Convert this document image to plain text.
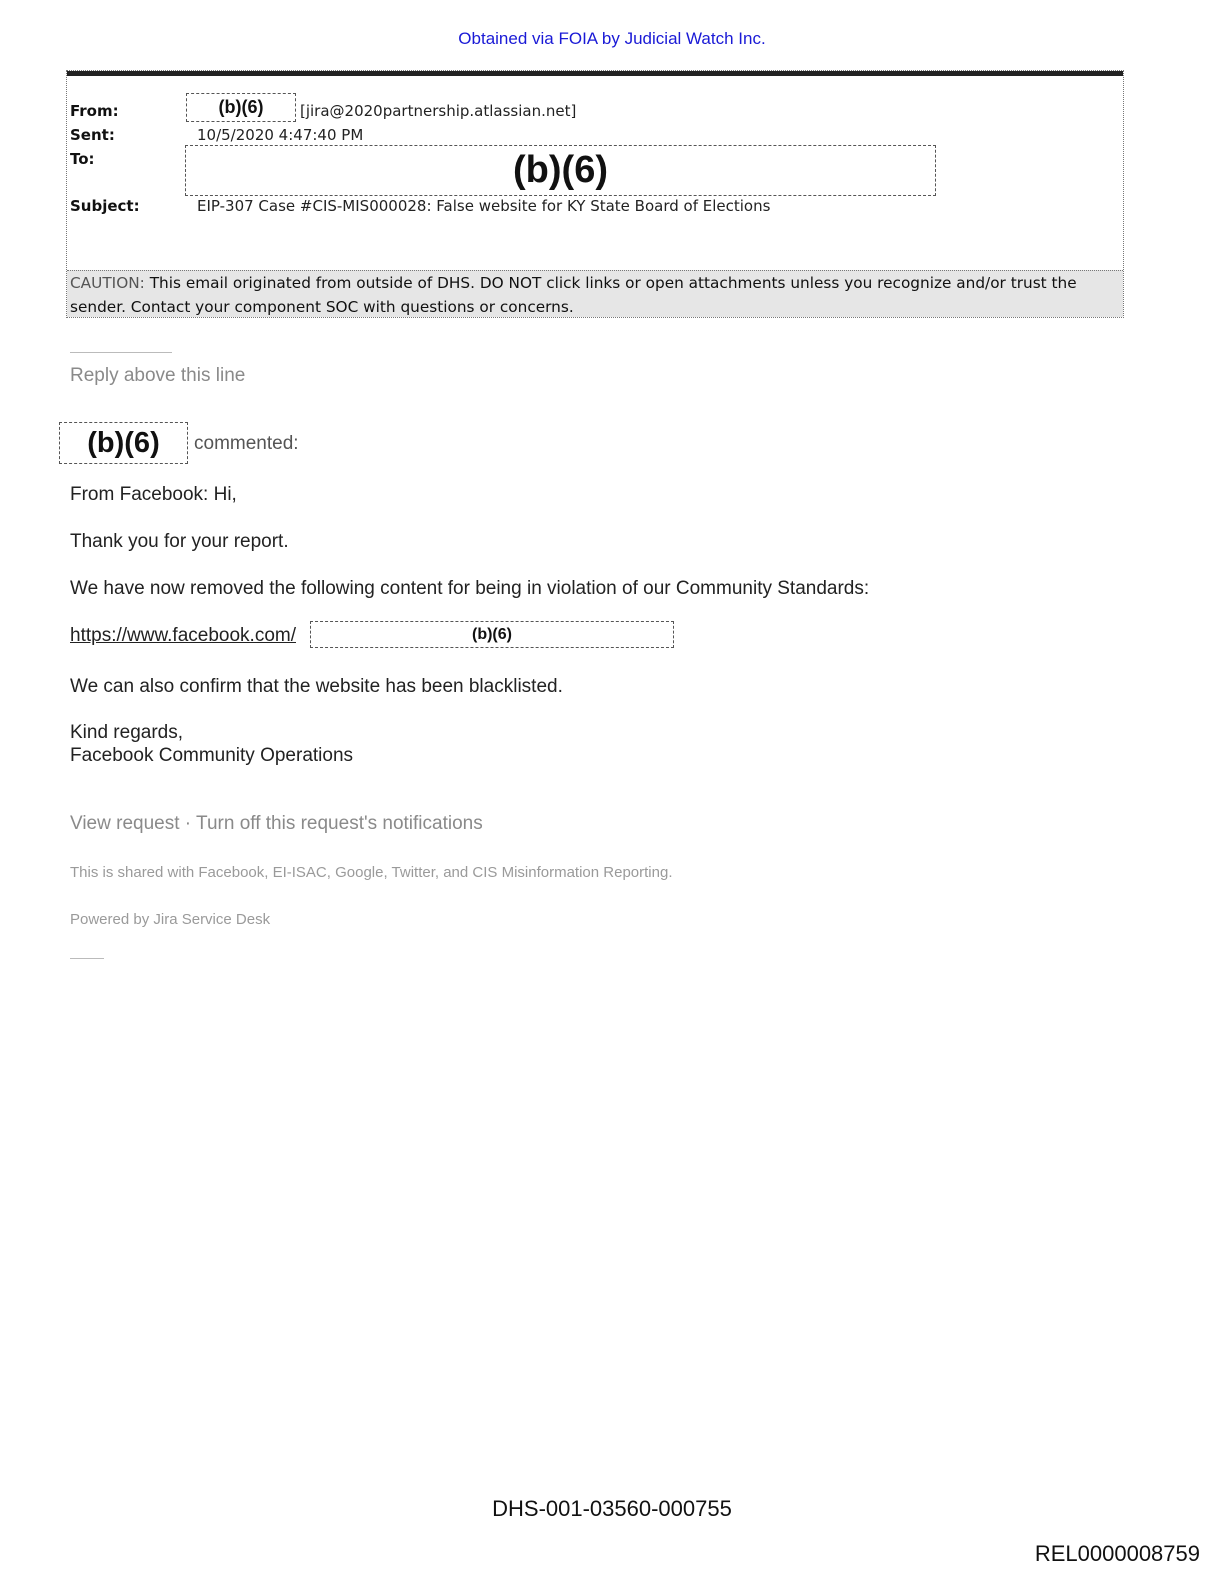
Obtained via FOIA by Judicial Watch Inc.
From:	(b)(6)	[jira@2020partnership.atlassian.net]
Sent:	10/5/2020 4:47:40 PM
To:	(b)(6)
Subject:	EIP-307 Case #CIS-MIS000028: False website for KY State Board of Elections
CAUTION: This email originated from outside of DHS. DO NOT click links or open attachments unless you recognize and/or trust the
sender. Contact your component SOC with questions or concerns.
Reply above this line
(b)(6)	commented:
From Facebook: Hi,
Thank you for your report.
We have now removed the following content for being in violation of our Community Standards:
https://www.facebook.com/	(b)(6)
We can also confirm that the website has been blacklisted.
Kind regards,
Facebook Community Operations
View request · Turn off this request's notifications
This is shared with Facebook, EI-ISAC, Google, Twitter, and CIS Misinformation Reporting.
Powered by Jira Service Desk
DHS-001-03560-000755
REL0000008759
